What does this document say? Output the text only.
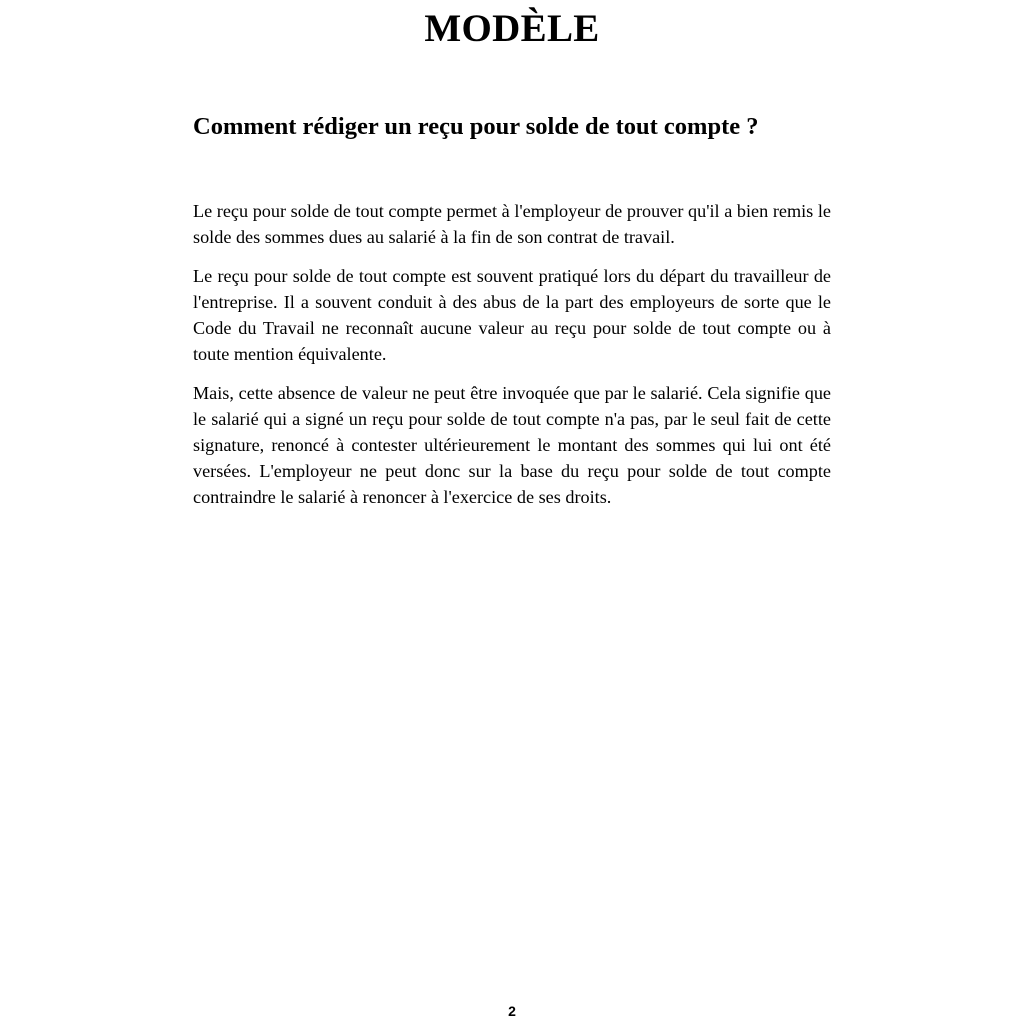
MODÈLE
Comment rédiger un reçu pour solde de tout compte ?

Le reçu pour solde de tout compte permet à l'employeur de prouver qu'il a bien remis le solde des sommes dues au salarié à la fin de son contrat de travail.

Le reçu pour solde de tout compte est souvent pratiqué lors du départ du travailleur de l'entreprise. Il a souvent conduit à des abus de la part des employeurs de sorte que le Code du Travail ne reconnaît aucune valeur au reçu pour solde de tout compte ou à toute mention équivalente.

Mais, cette absence de valeur ne peut être invoquée que par le salarié. Cela signifie que le salarié qui a signé un reçu pour solde de tout compte n'a pas, par le seul fait de cette signature, renoncé à contester ultérieurement le montant des sommes qui lui ont été versées. L'employeur ne peut donc sur la base du reçu pour solde de tout compte contraindre le salarié à renoncer à l'exercice de ses droits.

2
